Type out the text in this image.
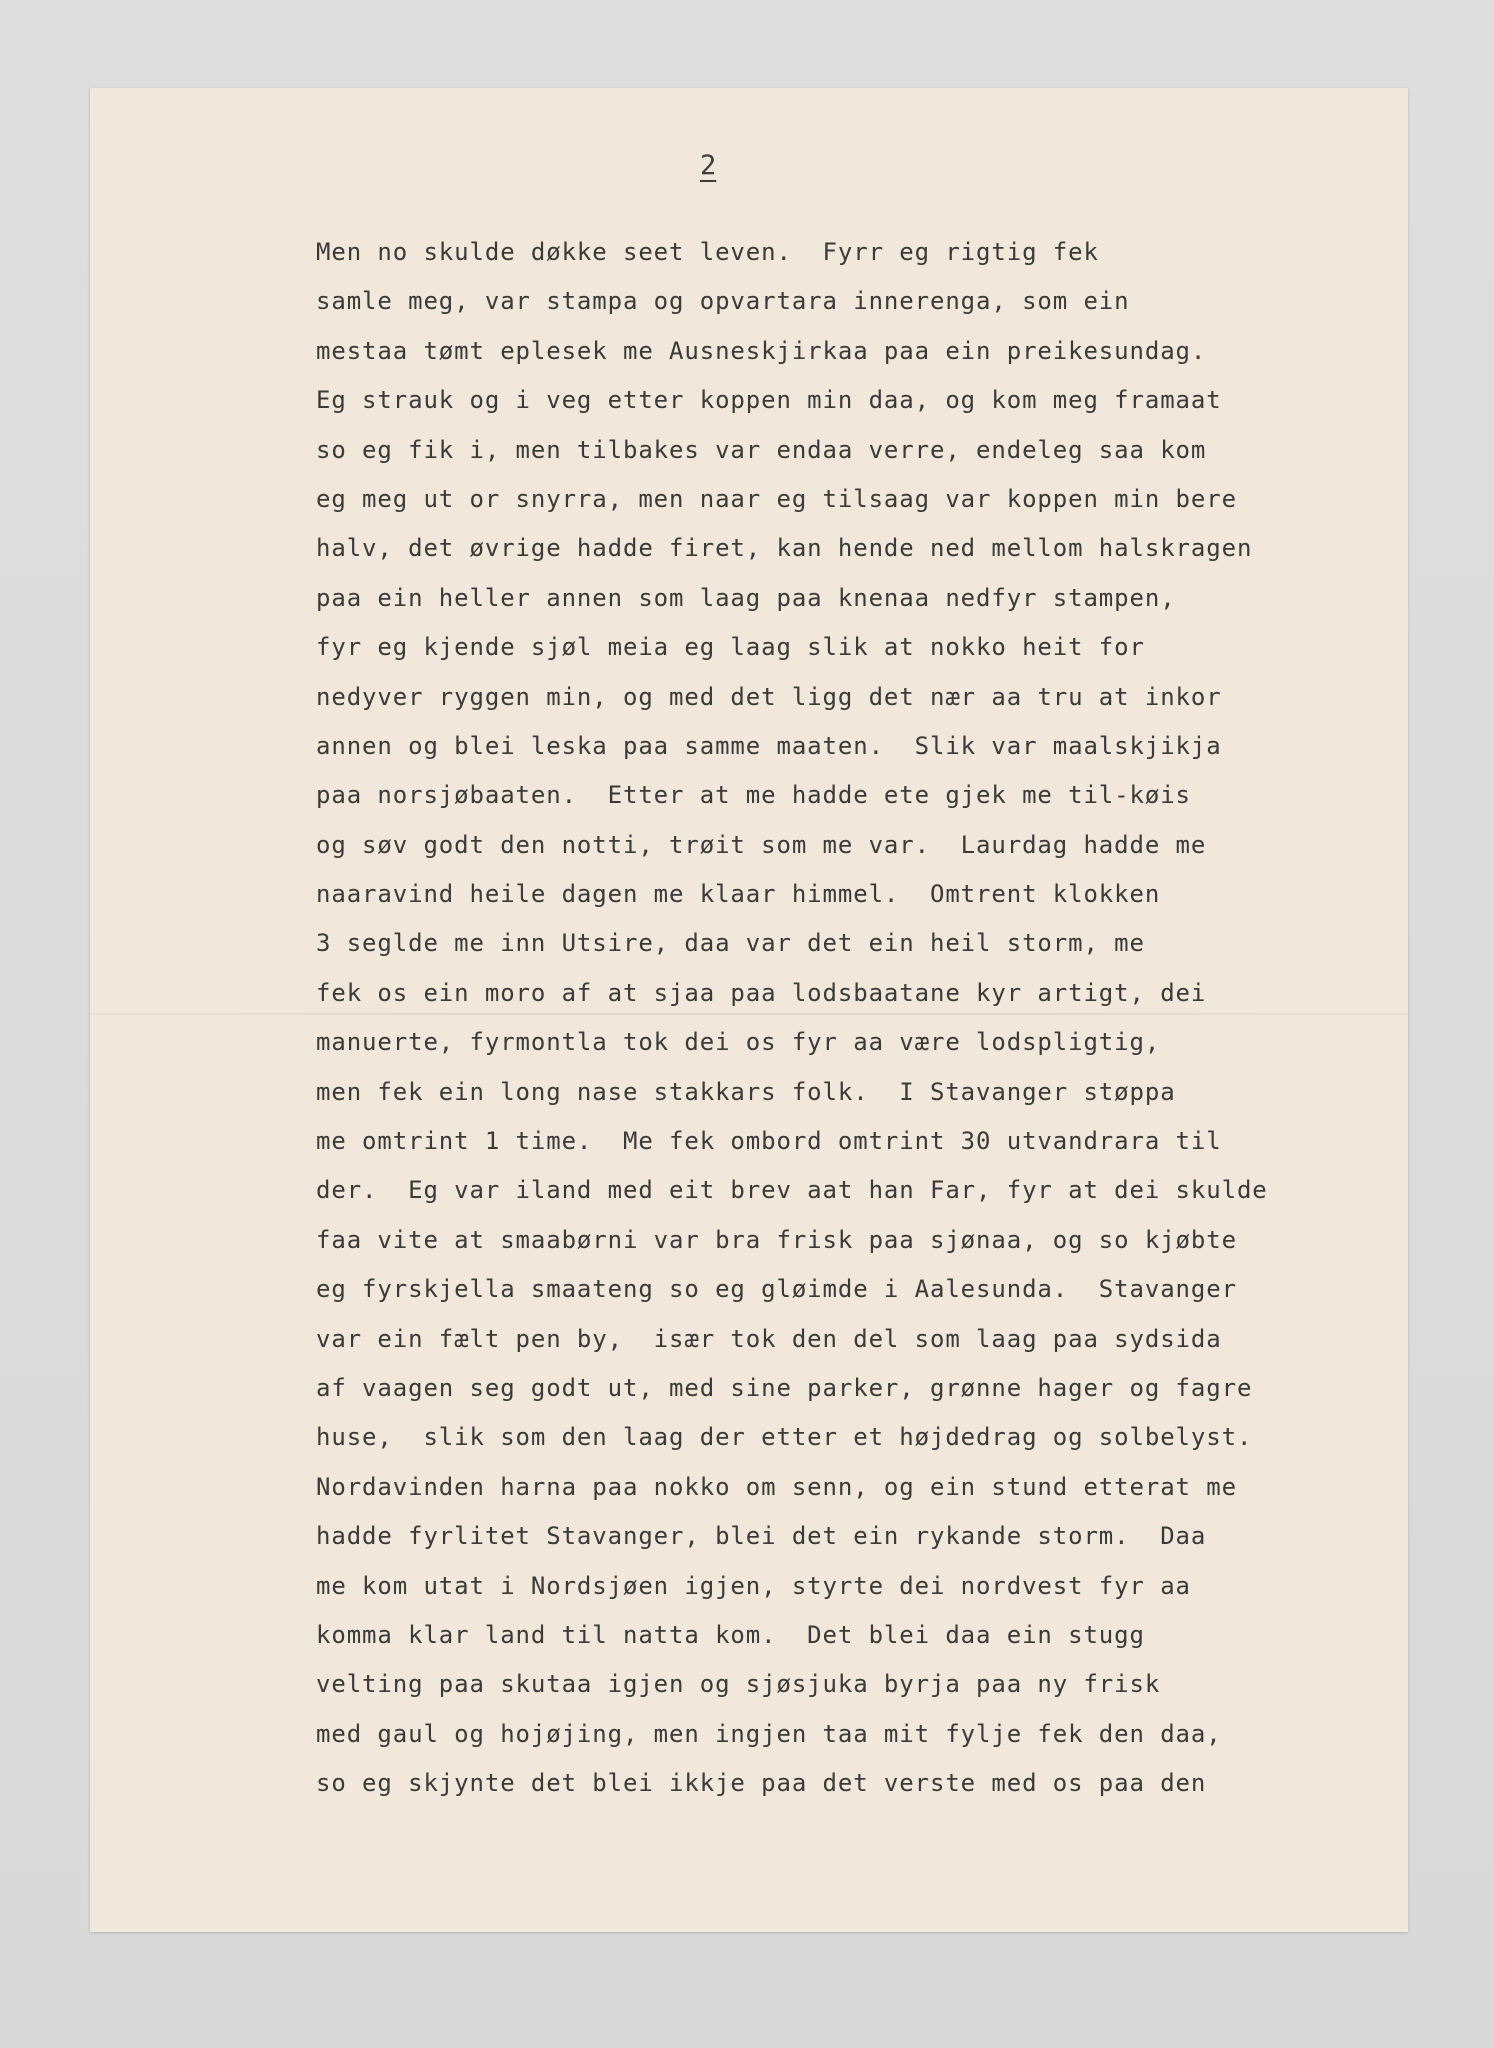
2
Men no skulde døkke seet leven.  Fyrr eg rigtig fek
samle meg, var stampa og opvartara innerenga, som ein
mestaa tømt eplesek me Ausneskjirkaa paa ein preikesundag.
Eg strauk og i veg etter koppen min daa, og kom meg framaat
so eg fik i, men tilbakes var endaa verre, endeleg saa kom
eg meg ut or snyrra, men naar eg tilsaag var koppen min bere
halv, det øvrige hadde firet, kan hende ned mellom halskragen
paa ein heller annen som laag paa knenaa nedfyr stampen,
fyr eg kjende sjøl meia eg laag slik at nokko heit for
nedyver ryggen min, og med det ligg det nær aa tru at inkor
annen og blei leska paa samme maaten.  Slik var maalskjikja
paa norsjøbaaten.  Etter at me hadde ete gjek me til-køis
og søv godt den notti, trøit som me var.  Laurdag hadde me
naaravind heile dagen me klaar himmel.  Omtrent klokken
3 seglde me inn Utsire, daa var det ein heil storm, me
fek os ein moro af at sjaa paa lodsbaatane kyr artigt, dei
manuerte, fyrmontla tok dei os fyr aa være lodspligtig,
men fek ein long nase stakkars folk.  I Stavanger støppa
me omtrint 1 time.  Me fek ombord omtrint 30 utvandrara til
der.  Eg var iland med eit brev aat han Far, fyr at dei skulde
faa vite at smaabørni var bra frisk paa sjønaa, og so kjøbte
eg fyrskjella smaateng so eg gløimde i Aalesunda.  Stavanger
var ein fælt pen by,  især tok den del som laag paa sydsida
af vaagen seg godt ut, med sine parker, grønne hager og fagre
huse,  slik som den laag der etter et højdedrag og solbelyst.
Nordavinden harna paa nokko om senn, og ein stund etterat me
hadde fyrlitet Stavanger, blei det ein rykande storm.  Daa
me kom utat i Nordsjøen igjen, styrte dei nordvest fyr aa
komma klar land til natta kom.  Det blei daa ein stugg
velting paa skutaa igjen og sjøsjuka byrja paa ny frisk
med gaul og hojøjing, men ingjen taa mit fylje fek den daa,
so eg skjynte det blei ikkje paa det verste med os paa den
